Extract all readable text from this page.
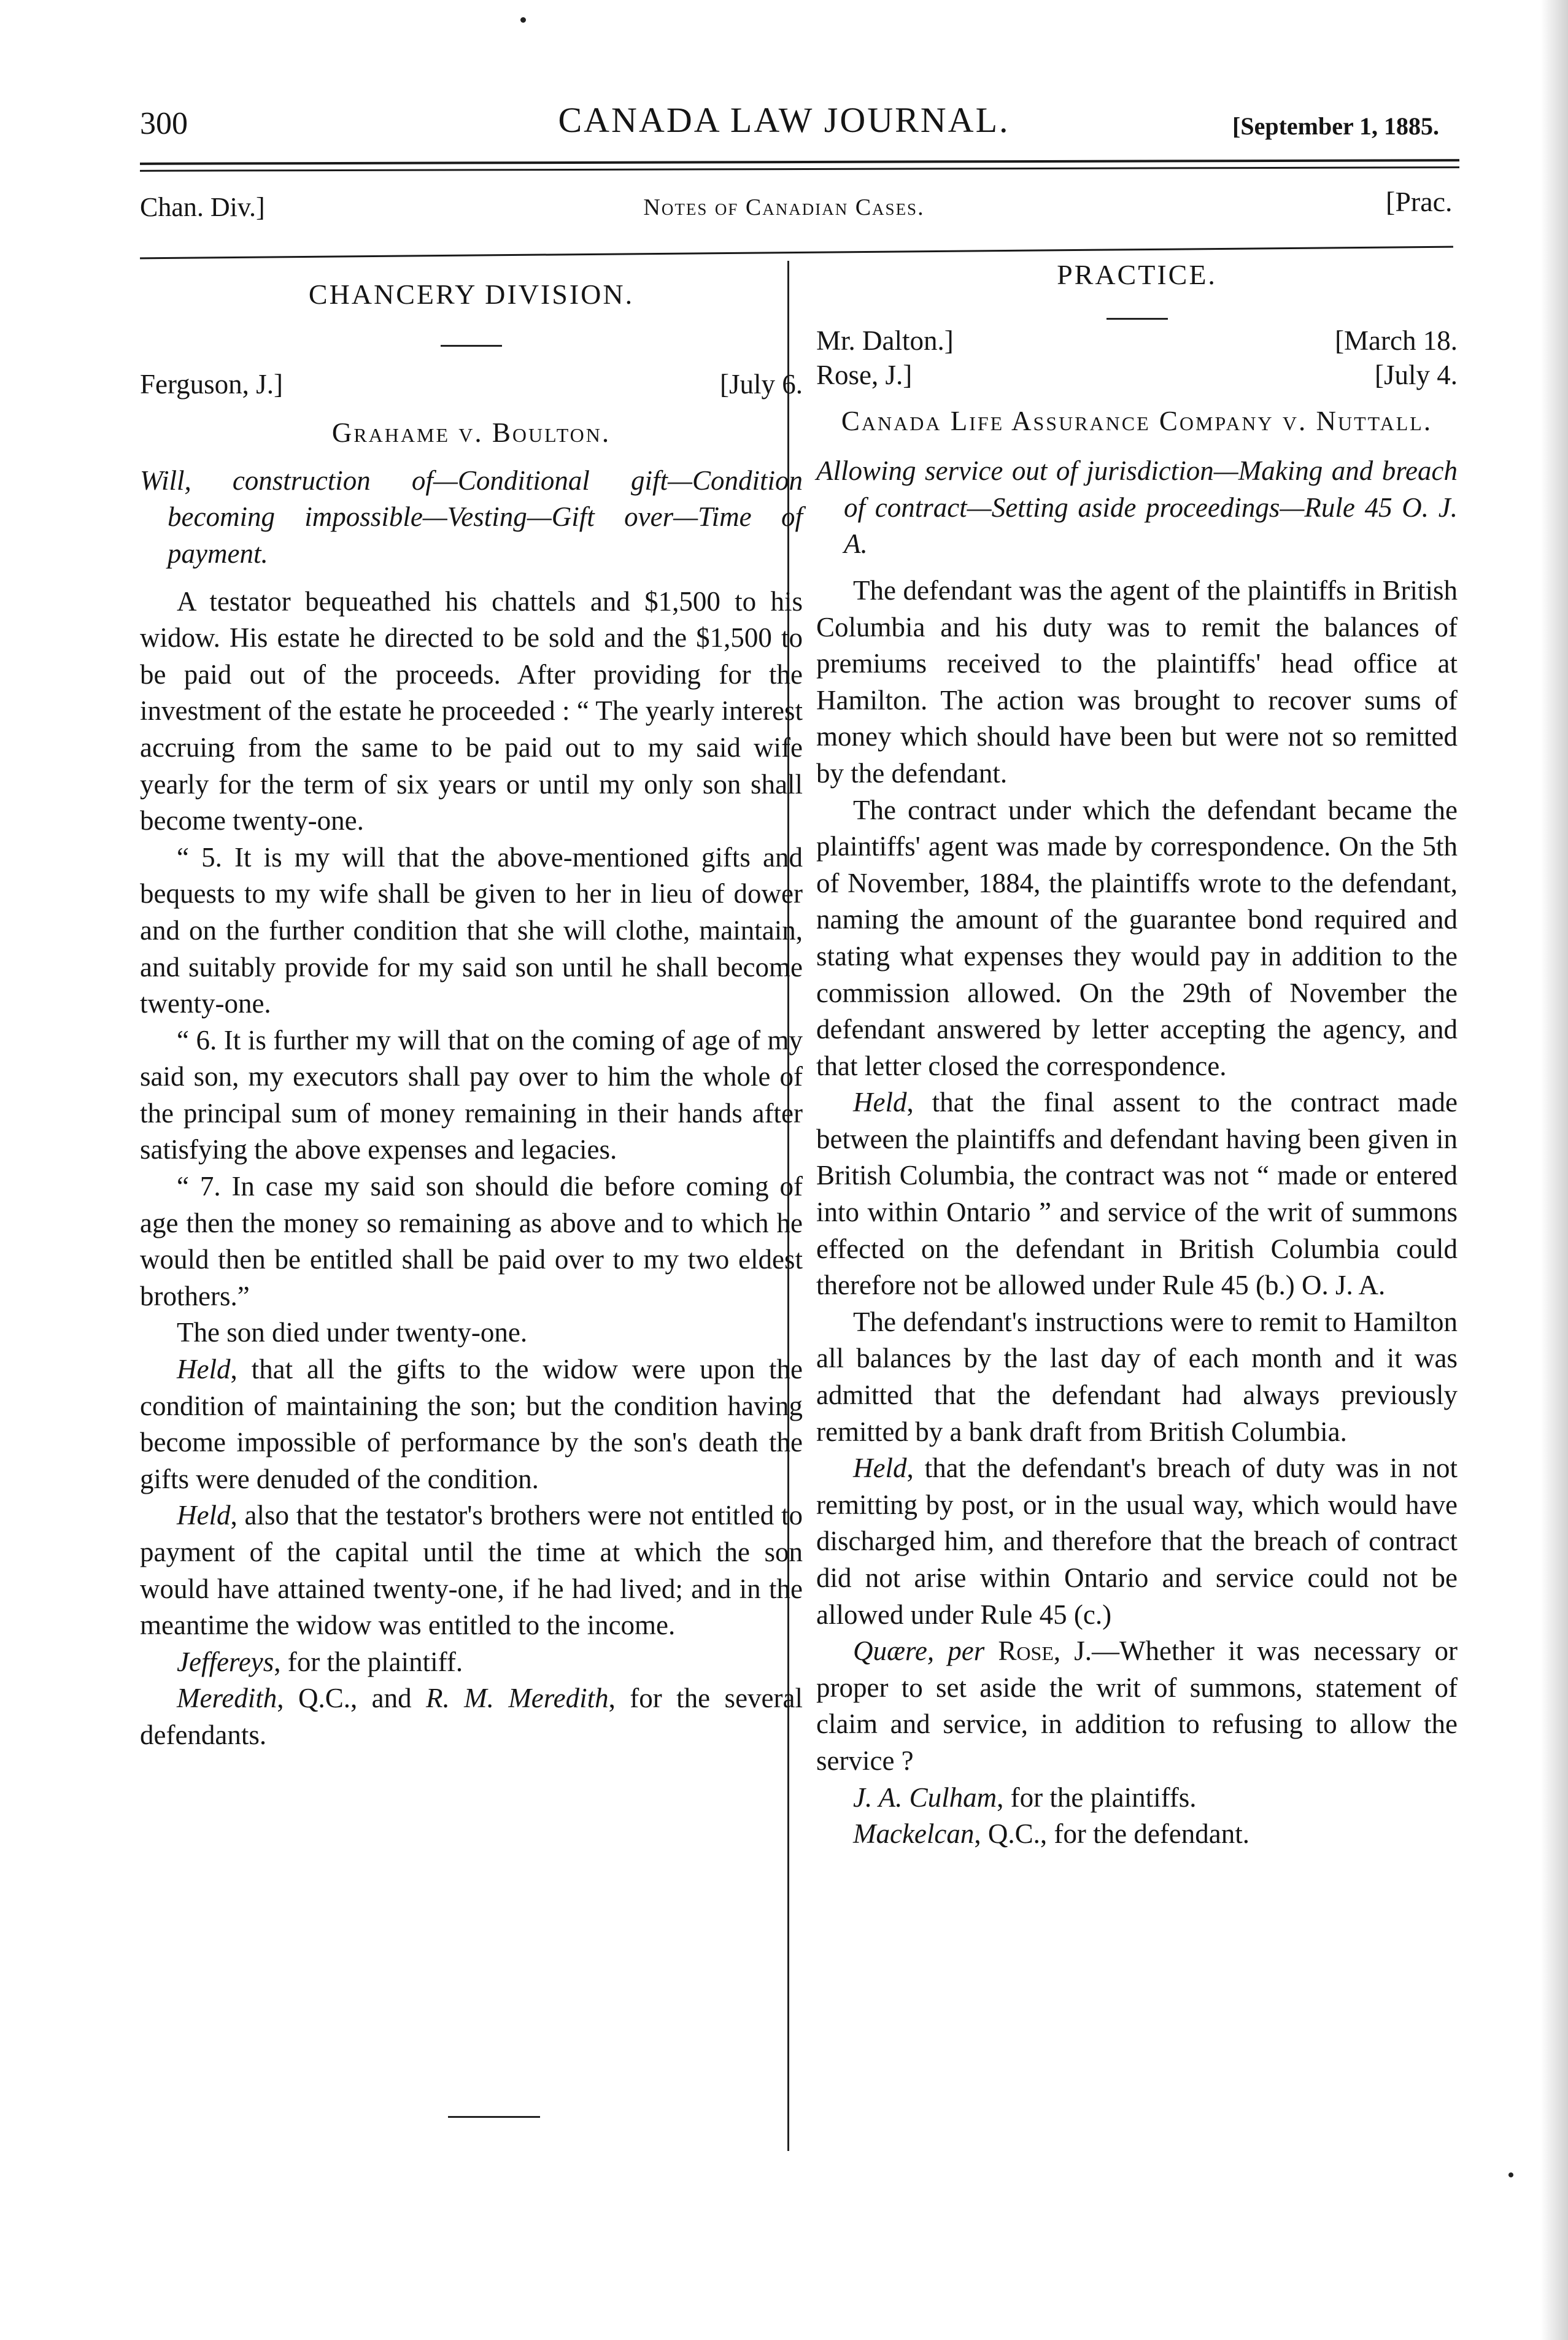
300	CANADA LAW JOURNAL.	[September 1, 1885.
Chan. Div.]	Notes of Canadian Cases.	[Prac.
CHANCERY DIVISION.
Ferguson, J.]	[July 6.
Grahame v. Boulton.

Will, construction of—Conditional gift—Condition becoming impossible—Vesting—Gift over—Time of payment.

A testator bequeathed his chattels and $1,500 to his widow. His estate he directed to be sold and the $1,500 to be paid out of the proceeds. After providing for the investment of the estate he proceeded : “ The yearly interest accruing from the same to be paid out to my said wife yearly for the term of six years or until my only son shall become twenty-one.

“ 5. It is my will that the above-mentioned gifts and bequests to my wife shall be given to her in lieu of dower and on the further condition that she will clothe, maintain, and suitably provide for my said son until he shall become twenty-one.

“ 6. It is further my will that on the coming of age of my said son, my executors shall pay over to him the whole of the principal sum of money remaining in their hands after satisfying the above expenses and legacies.

“ 7. In case my said son should die before coming of age then the money so remaining as above and to which he would then be entitled shall be paid over to my two eldest brothers.”

The son died under twenty-one.

Held, that all the gifts to the widow were upon the condition of maintaining the son; but the condition having become impossible of performance by the son's death the gifts were denuded of the condition.

Held, also that the testator's brothers were not entitled to payment of the capital until the time at which the son would have attained twenty-one, if he had lived; and in the meantime the widow was entitled to the income.

Jeffereys, for the plaintiff.

Meredith, Q.C., and R. M. Meredith, for the several defendants.

PRACTICE.
Mr. Dalton.]	[March 18.
Rose, J.]	[July 4.
Canada Life Assurance Company v. Nuttall.

Allowing service out of jurisdiction—Making and breach of contract—Setting aside proceedings—Rule 45 O. J. A.

The defendant was the agent of the plaintiffs in British Columbia and his duty was to remit the balances of premiums received to the plaintiffs' head office at Hamilton. The action was brought to recover sums of money which should have been but were not so remitted by the defendant.

The contract under which the defendant became the plaintiffs' agent was made by correspondence. On the 5th of November, 1884, the plaintiffs wrote to the defendant, naming the amount of the guarantee bond required and stating what expenses they would pay in addition to the commission allowed. On the 29th of November the defendant answered by letter accepting the agency, and that letter closed the correspondence.

Held, that the final assent to the contract made between the plaintiffs and defendant having been given in British Columbia, the contract was not “ made or entered into within Ontario ” and service of the writ of summons effected on the defendant in British Columbia could therefore not be allowed under Rule 45 (b.) O. J. A.

The defendant's instructions were to remit to Hamilton all balances by the last day of each month and it was admitted that the defendant had always previously remitted by a bank draft from British Columbia.

Held, that the defendant's breach of duty was in not remitting by post, or in the usual way, which would have discharged him, and therefore that the breach of contract did not arise within Ontario and service could not be allowed under Rule 45 (c.)

Quære, per Rose, J.—Whether it was necessary or proper to set aside the writ of summons, statement of claim and service, in addition to refusing to allow the service ?

J. A. Culham, for the plaintiffs.

Mackelcan, Q.C., for the defendant.
